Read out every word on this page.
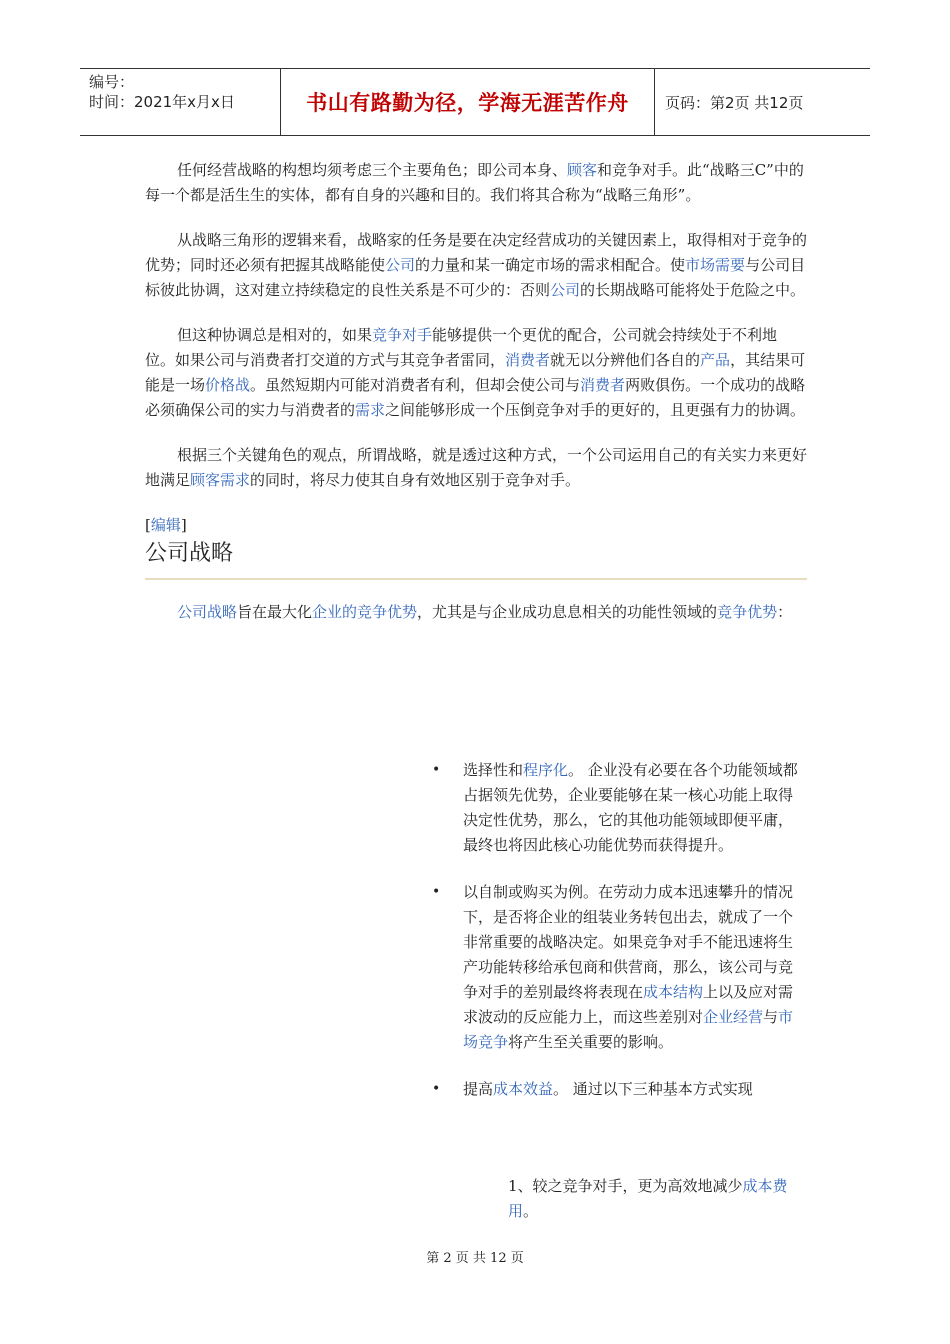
编号：
时间：2021年x月x日	书山有路勤为径，学海无涯苦作舟	页码：第2页 共12页

任何经营战略的构想均须考虑三个主要角色；即公司本身、顾客和竞争对手。此“战略三C”中的每一个都是活生生的实体，都有自身的兴趣和目的。我们将其合称为“战略三角形”。

从战略三角形的逻辑来看，战略家的任务是要在决定经营成功的关键因素上，取得相对于竞争的优势；同时还必须有把握其战略能使公司的力量和某一确定市场的需求相配合。使市场需要与公司目标彼此协调，这对建立持续稳定的良性关系是不可少的：否则公司的长期战略可能将处于危险之中。

但这种协调总是相对的，如果竞争对手能够提供一个更优的配合，公司就会持续处于不利地位。如果公司与消费者打交道的方式与其竞争者雷同，消费者就无以分辨他们各自的产品，其结果可能是一场价格战。虽然短期内可能对消费者有利，但却会使公司与消费者两败俱伤。一个成功的战略必须确保公司的实力与消费者的需求之间能够形成一个压倒竞争对手的更好的，且更强有力的协调。

根据三个关键角色的观点，所谓战略，就是透过这种方式，一个公司运用自己的有关实力来更好地满足顾客需求的同时，将尽力使其自身有效地区别于竞争对手。

[编辑]

公司战略

公司战略旨在最大化企业的竞争优势，尤其是与企业成功息息相关的功能性领域的竞争优势：

• 选择性和程序化。 企业没有必要在各个功能领域都占据领先优势，企业要能够在某一核心功能上取得决定性优势，那么，它的其他功能领域即便平庸，最终也将因此核心功能优势而获得提升。
• 以自制或购买为例。在劳动力成本迅速攀升的情况下，是否将企业的组装业务转包出去，就成了一个非常重要的战略决定。如果竞争对手不能迅速将生产功能转移给承包商和供营商，那么，该公司与竞争对手的差别最终将表现在成本结构上以及应对需求波动的反应能力上，而这些差别对企业经营与市场竞争将产生至关重要的影响。
• 提高成本效益。 通过以下三种基本方式实现
1、较之竞争对手，更为高效地减少成本费用。
第 2 页 共 12 页
